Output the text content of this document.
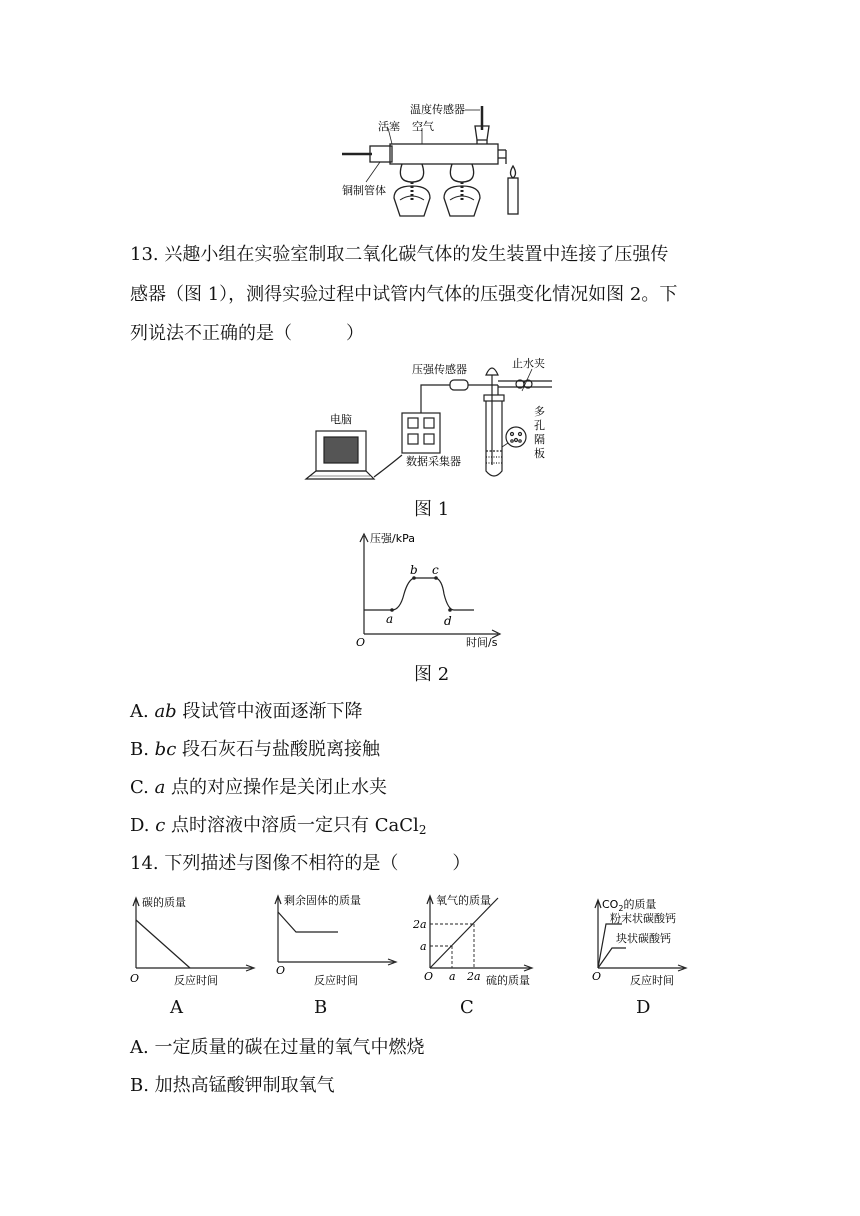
温度传感器
活塞 空气
铜制管体
13. 兴趣小组在实验室制取二氧化碳气体的发生装置中连接了压强传
感器（图 1），测得实验过程中试管内气体的压强变化情况如图 2。下
列说法不正确的是（　　　）
压强传感器	止水夹
电脑
数据采集器
多
孔
隔
板
图 1
压强/kPa
时间/s
O
a
b c
d
图 2
A. ab 段试管中液面逐渐下降
B. bc 段石灰石与盐酸脱离接触
C. a 点的对应操作是关闭止水夹
D. c 点时溶液中溶质一定只有 CaCl$_2$
14. 下列描述与图像不相符的是（　　　）
碳的质量
O	反应时间
A
剩余固体的质量
O
反应时间
B
氧气的质量
2a
a
O a 2a 硫的质量
C
$CO_2$的质量
粉末状碳酸钙
块状碳酸钙
O	反应时间
D
A. 一定质量的碳在过量的氧气中燃烧
B. 加热高锰酸钾制取氧气
